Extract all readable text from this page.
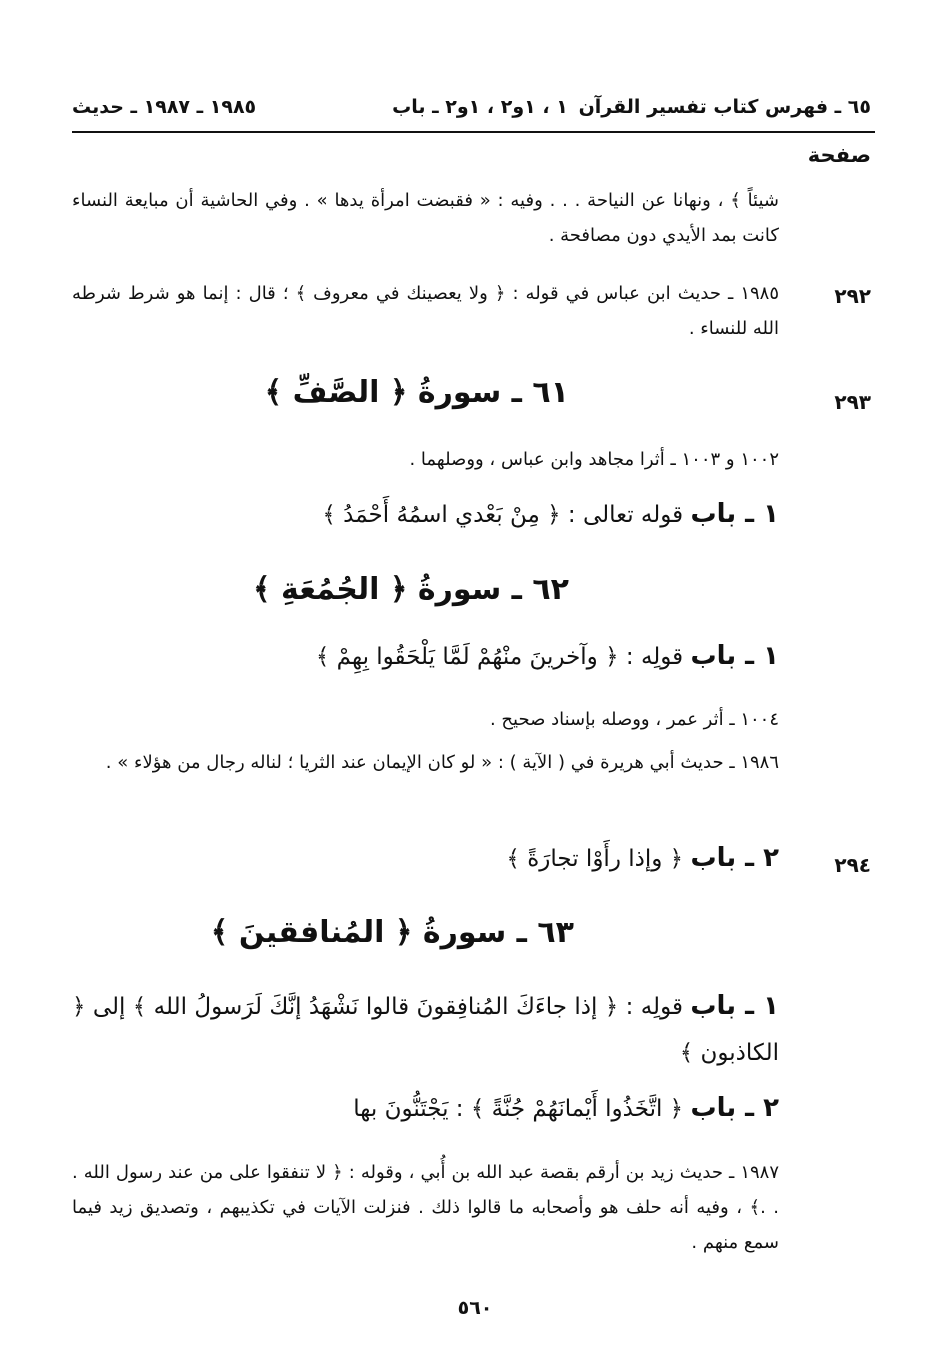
٦٥ ـ فهرس كتاب تفسير القرآن
١ ، ١و٢ ، ١و٢ ـ باب
١٩٨٥ ـ ١٩٨٧ ـ حديث
صفحة
شيئاً ﴾ ، ونهانا عن النياحة . . . وفيه : « فقبضت امرأة يدها » . وفي الحاشية أن مبايعة النساء كانت بمد الأيدي دون مصافحة .
٢٩٢
١٩٨٥ ـ حديث ابن عباس في قوله : ﴿ ولا يعصينك في معروف ﴾ ؛ قال : إنما هو شرط شرطه الله للنساء .
٢٩٣
٦١ ـ سورةُ ﴿ الصَّفِّ ﴾
١٠٠٢ و ١٠٠٣ ـ أثرا مجاهد وابن عباس ، ووصلهما .
١ ـ باب قوله تعالى : ﴿ مِنْ بَعْدي اسمُهُ أَحْمَدُ ﴾
٦٢ ـ سورةُ ﴿ الجُمُعَةِ ﴾
١ ـ باب قولِه : ﴿ وآخرينَ منْهُمْ لَمَّا يَلْحَقُوا بِهِمْ ﴾
١٠٠٤ ـ أثر عمر ، ووصله بإسناد صحيح .
١٩٨٦ ـ حديث أبي هريرة في ( الآية ) : « لو كان الإيمان عند الثريا ؛ لناله رجال من هؤلاء » .
٢٩٤
٢ ـ باب ﴿ وإذا رأَوْا تجارَةً ﴾
٦٣ ـ سورةُ ﴿ المُنافقينَ ﴾
١ ـ باب قولِه : ﴿ إذا جاءَكَ المُنافِقونَ قالوا نَشْهَدُ إنَّكَ لَرَسولُ الله ﴾ إلى ﴿ الكاذبون ﴾
٢ ـ باب ﴿ اتَّخَذُوا أَيْمانَهُمْ جُنَّةً ﴾ : يَجْتَنُّونَ بها
١٩٨٧ ـ حديث زيد بن أرقم بقصة عبد الله بن أُبي ، وقوله : ﴿ لا تنفقوا على من عند رسول الله . . .﴾ ، وفيه أنه حلف هو وأصحابه ما قالوا ذلك . فنزلت الآيات في تكذيبهم ، وتصديق زيد فيما سمع منهم .
٥٦٠
